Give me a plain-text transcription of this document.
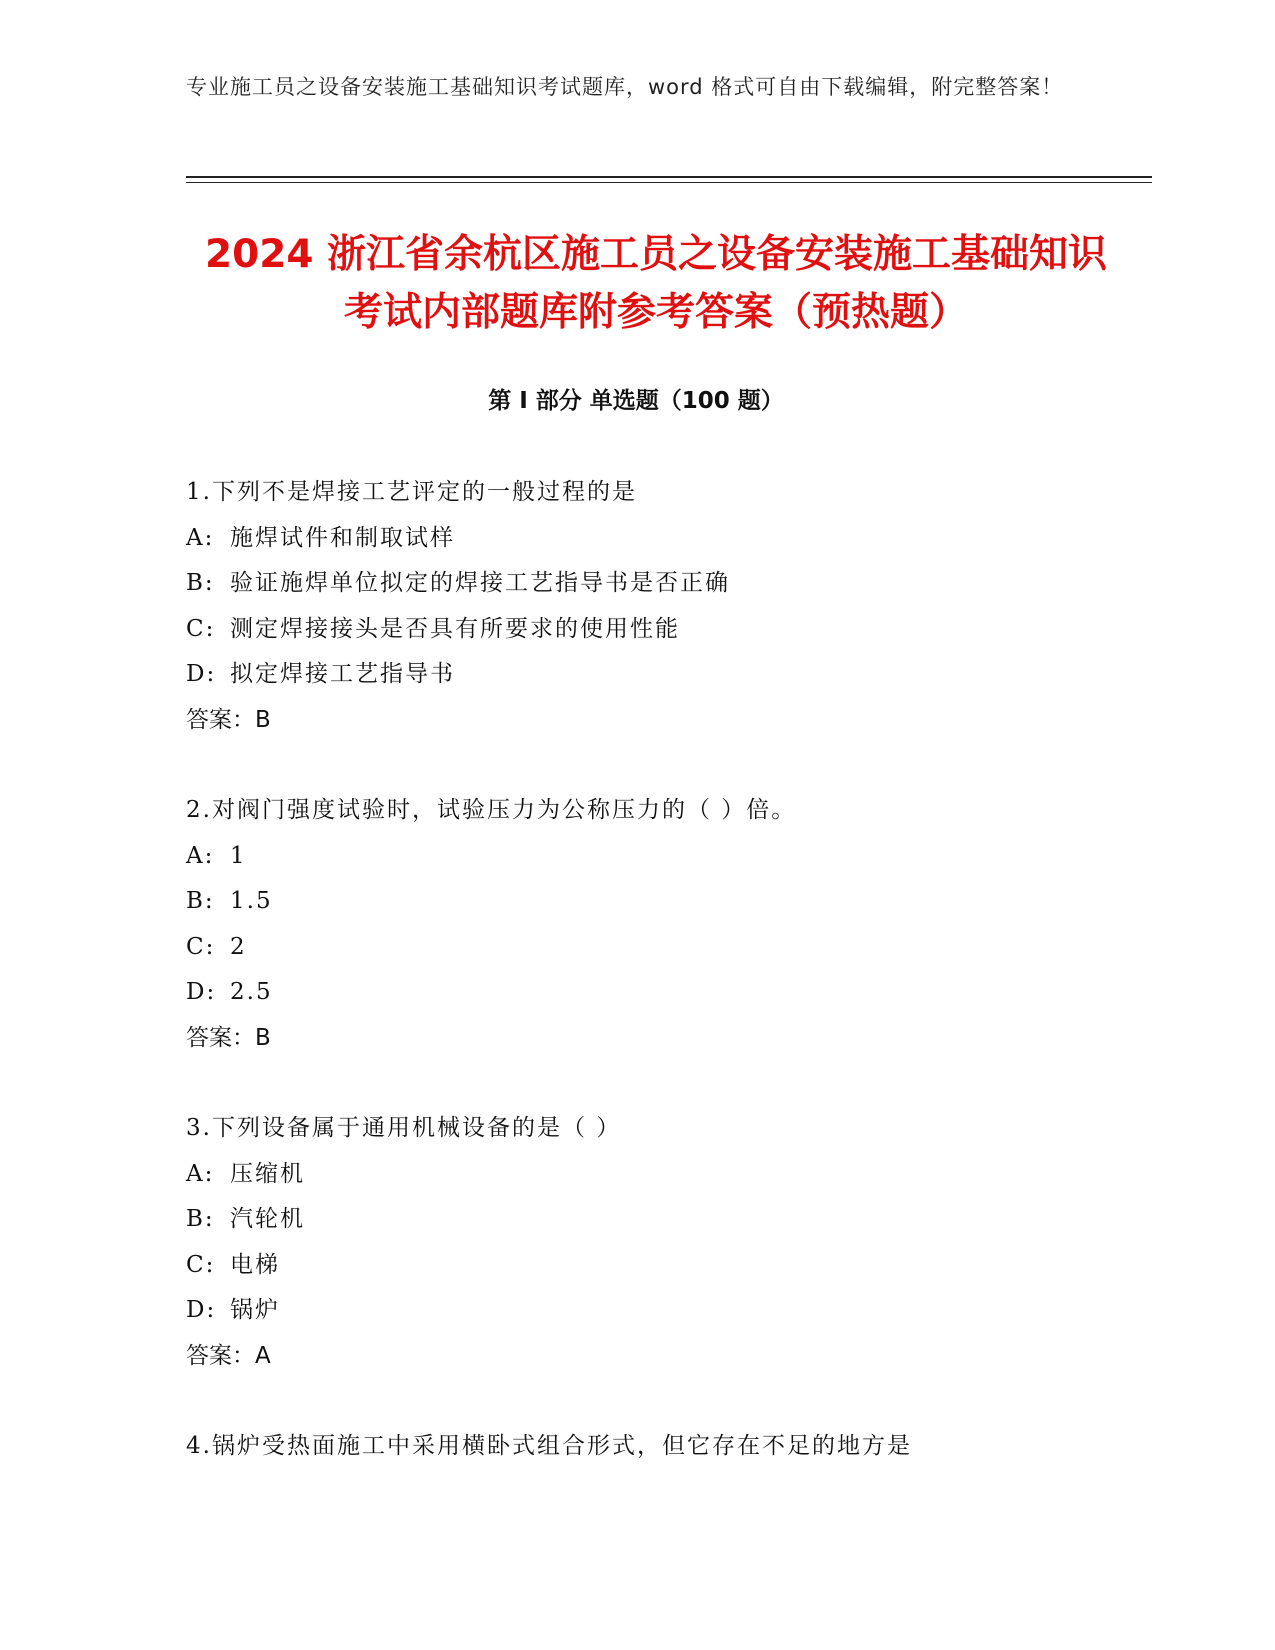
专业施工员之设备安装施工基础知识考试题库，word 格式可自由下载编辑，附完整答案！
2024 浙江省余杭区施工员之设备安装施工基础知识考试内部题库附参考答案（预热题）
第 I 部分 单选题（100 题）
1.下列不是焊接工艺评定的一般过程的是
A: 施焊试件和制取试样
B: 验证施焊单位拟定的焊接工艺指导书是否正确
C: 测定焊接接头是否具有所要求的使用性能
D: 拟定焊接工艺指导书
答案：B
2.对阀门强度试验时，试验压力为公称压力的（ ）倍。
A: 1
B: 1.5
C: 2
D: 2.5
答案：B
3.下列设备属于通用机械设备的是（ ）
A: 压缩机
B: 汽轮机
C: 电梯
D: 锅炉
答案：A
4.锅炉受热面施工中采用横卧式组合形式，但它存在不足的地方是
